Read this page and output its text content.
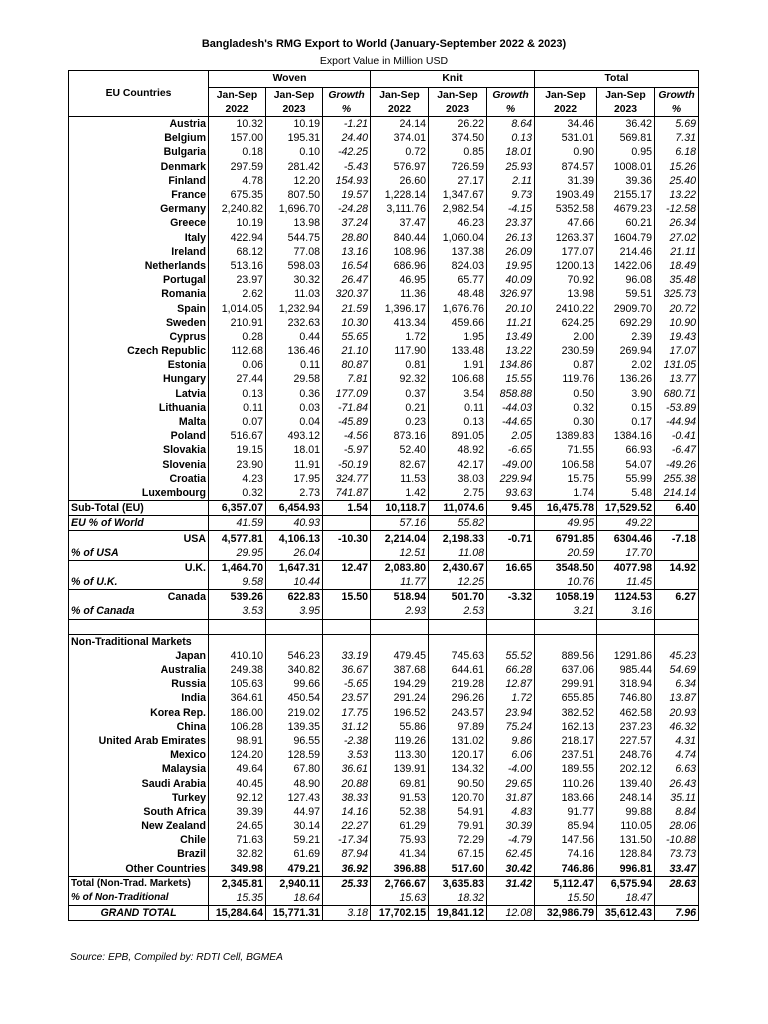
Bangladesh's RMG Export to World (January-September 2022 & 2023)
Export Value in Million USD
EU Countries	Woven			Knit			Total		
	Jan-Sep	Jan-Sep	Growth	Jan-Sep	Jan-Sep	Growth	Jan-Sep	Jan-Sep	Growth
	2022	2023	%	2022	2023	%	2022	2023	%
Austria	10.32	10.19	-1.21	24.14	26.22	8.64	34.46	36.42	5.69
Belgium	157.00	195.31	24.40	374.01	374.50	0.13	531.01	569.81	7.31
Bulgaria	0.18	0.10	-42.25	0.72	0.85	18.01	0.90	0.95	6.18
Denmark	297.59	281.42	-5.43	576.97	726.59	25.93	874.57	1008.01	15.26
Finland	4.78	12.20	154.93	26.60	27.17	2.11	31.39	39.36	25.40
France	675.35	807.50	19.57	1,228.14	1,347.67	9.73	1903.49	2155.17	13.22
Germany	2,240.82	1,696.70	-24.28	3,111.76	2,982.54	-4.15	5352.58	4679.23	-12.58
Greece	10.19	13.98	37.24	37.47	46.23	23.37	47.66	60.21	26.34
Italy	422.94	544.75	28.80	840.44	1,060.04	26.13	1263.37	1604.79	27.02
Ireland	68.12	77.08	13.16	108.96	137.38	26.09	177.07	214.46	21.11
Netherlands	513.16	598.03	16.54	686.96	824.03	19.95	1200.13	1422.06	18.49
Portugal	23.97	30.32	26.47	46.95	65.77	40.09	70.92	96.08	35.48
Romania	2.62	11.03	320.37	11.36	48.48	326.97	13.98	59.51	325.73
Spain	1,014.05	1,232.94	21.59	1,396.17	1,676.76	20.10	2410.22	2909.70	20.72
Sweden	210.91	232.63	10.30	413.34	459.66	11.21	624.25	692.29	10.90
Cyprus	0.28	0.44	55.65	1.72	1.95	13.49	2.00	2.39	19.43
Czech Republic	112.68	136.46	21.10	117.90	133.48	13.22	230.59	269.94	17.07
Estonia	0.06	0.11	80.87	0.81	1.91	134.86	0.87	2.02	131.05
Hungary	27.44	29.58	7.81	92.32	106.68	15.55	119.76	136.26	13.77
Latvia	0.13	0.36	177.09	0.37	3.54	858.88	0.50	3.90	680.71
Lithuania	0.11	0.03	-71.84	0.21	0.11	-44.03	0.32	0.15	-53.89
Malta	0.07	0.04	-45.89	0.23	0.13	-44.65	0.30	0.17	-44.94
Poland	516.67	493.12	-4.56	873.16	891.05	2.05	1389.83	1384.16	-0.41
Slovakia	19.15	18.01	-5.97	52.40	48.92	-6.65	71.55	66.93	-6.47
Slovenia	23.90	11.91	-50.19	82.67	42.17	-49.00	106.58	54.07	-49.26
Croatia	4.23	17.95	324.77	11.53	38.03	229.94	15.75	55.99	255.38
Luxembourg	0.32	2.73	741.87	1.42	2.75	93.63	1.74	5.48	214.14
Sub-Total (EU)	6,357.07	6,454.93	1.54	10,118.7	11,074.6	9.45	16,475.78	17,529.52	6.40
EU % of World	41.59	40.93		57.16	55.82		49.95	49.22	
USA	4,577.81	4,106.13	-10.30	2,214.04	2,198.33	-0.71	6791.85	6304.46	-7.18
% of USA	29.95	26.04		12.51	11.08		20.59	17.70	
U.K.	1,464.70	1,647.31	12.47	2,083.80	2,430.67	16.65	3548.50	4077.98	14.92
% of U.K.	9.58	10.44		11.77	12.25		10.76	11.45	
Canada	539.26	622.83	15.50	518.94	501.70	-3.32	1058.19	1124.53	6.27
% of Canada	3.53	3.95		2.93	2.53		3.21	3.16	

Non-Traditional Markets									
Japan	410.10	546.23	33.19	479.45	745.63	55.52	889.56	1291.86	45.23
Australia	249.38	340.82	36.67	387.68	644.61	66.28	637.06	985.44	54.69
Russia	105.63	99.66	-5.65	194.29	219.28	12.87	299.91	318.94	6.34
India	364.61	450.54	23.57	291.24	296.26	1.72	655.85	746.80	13.87
Korea Rep.	186.00	219.02	17.75	196.52	243.57	23.94	382.52	462.58	20.93
China	106.28	139.35	31.12	55.86	97.89	75.24	162.13	237.23	46.32
United Arab Emirates	98.91	96.55	-2.38	119.26	131.02	9.86	218.17	227.57	4.31
Mexico	124.20	128.59	3.53	113.30	120.17	6.06	237.51	248.76	4.74
Malaysia	49.64	67.80	36.61	139.91	134.32	-4.00	189.55	202.12	6.63
Saudi Arabia	40.45	48.90	20.88	69.81	90.50	29.65	110.26	139.40	26.43
Turkey	92.12	127.43	38.33	91.53	120.70	31.87	183.66	248.14	35.11
South Africa	39.39	44.97	14.16	52.38	54.91	4.83	91.77	99.88	8.84
New Zealand	24.65	30.14	22.27	61.29	79.91	30.39	85.94	110.05	28.06
Chile	71.63	59.21	-17.34	75.93	72.29	-4.79	147.56	131.50	-10.88
Brazil	32.82	61.69	87.94	41.34	67.15	62.45	74.16	128.84	73.73
Other Countries	349.98	479.21	36.92	396.88	517.60	30.42	746.86	996.81	33.47
Total (Non-Trad. Markets)	2,345.81	2,940.11	25.33	2,766.67	3,635.83	31.42	5,112.47	6,575.94	28.63
% of Non-Traditional	15.35	18.64		15.63	18.32		15.50	18.47	
GRAND TOTAL	15,284.64	15,771.31	3.18	17,702.15	19,841.12	12.08	32,986.79	35,612.43	7.96
Source: EPB, Compiled by: RDTI Cell, BGMEA
